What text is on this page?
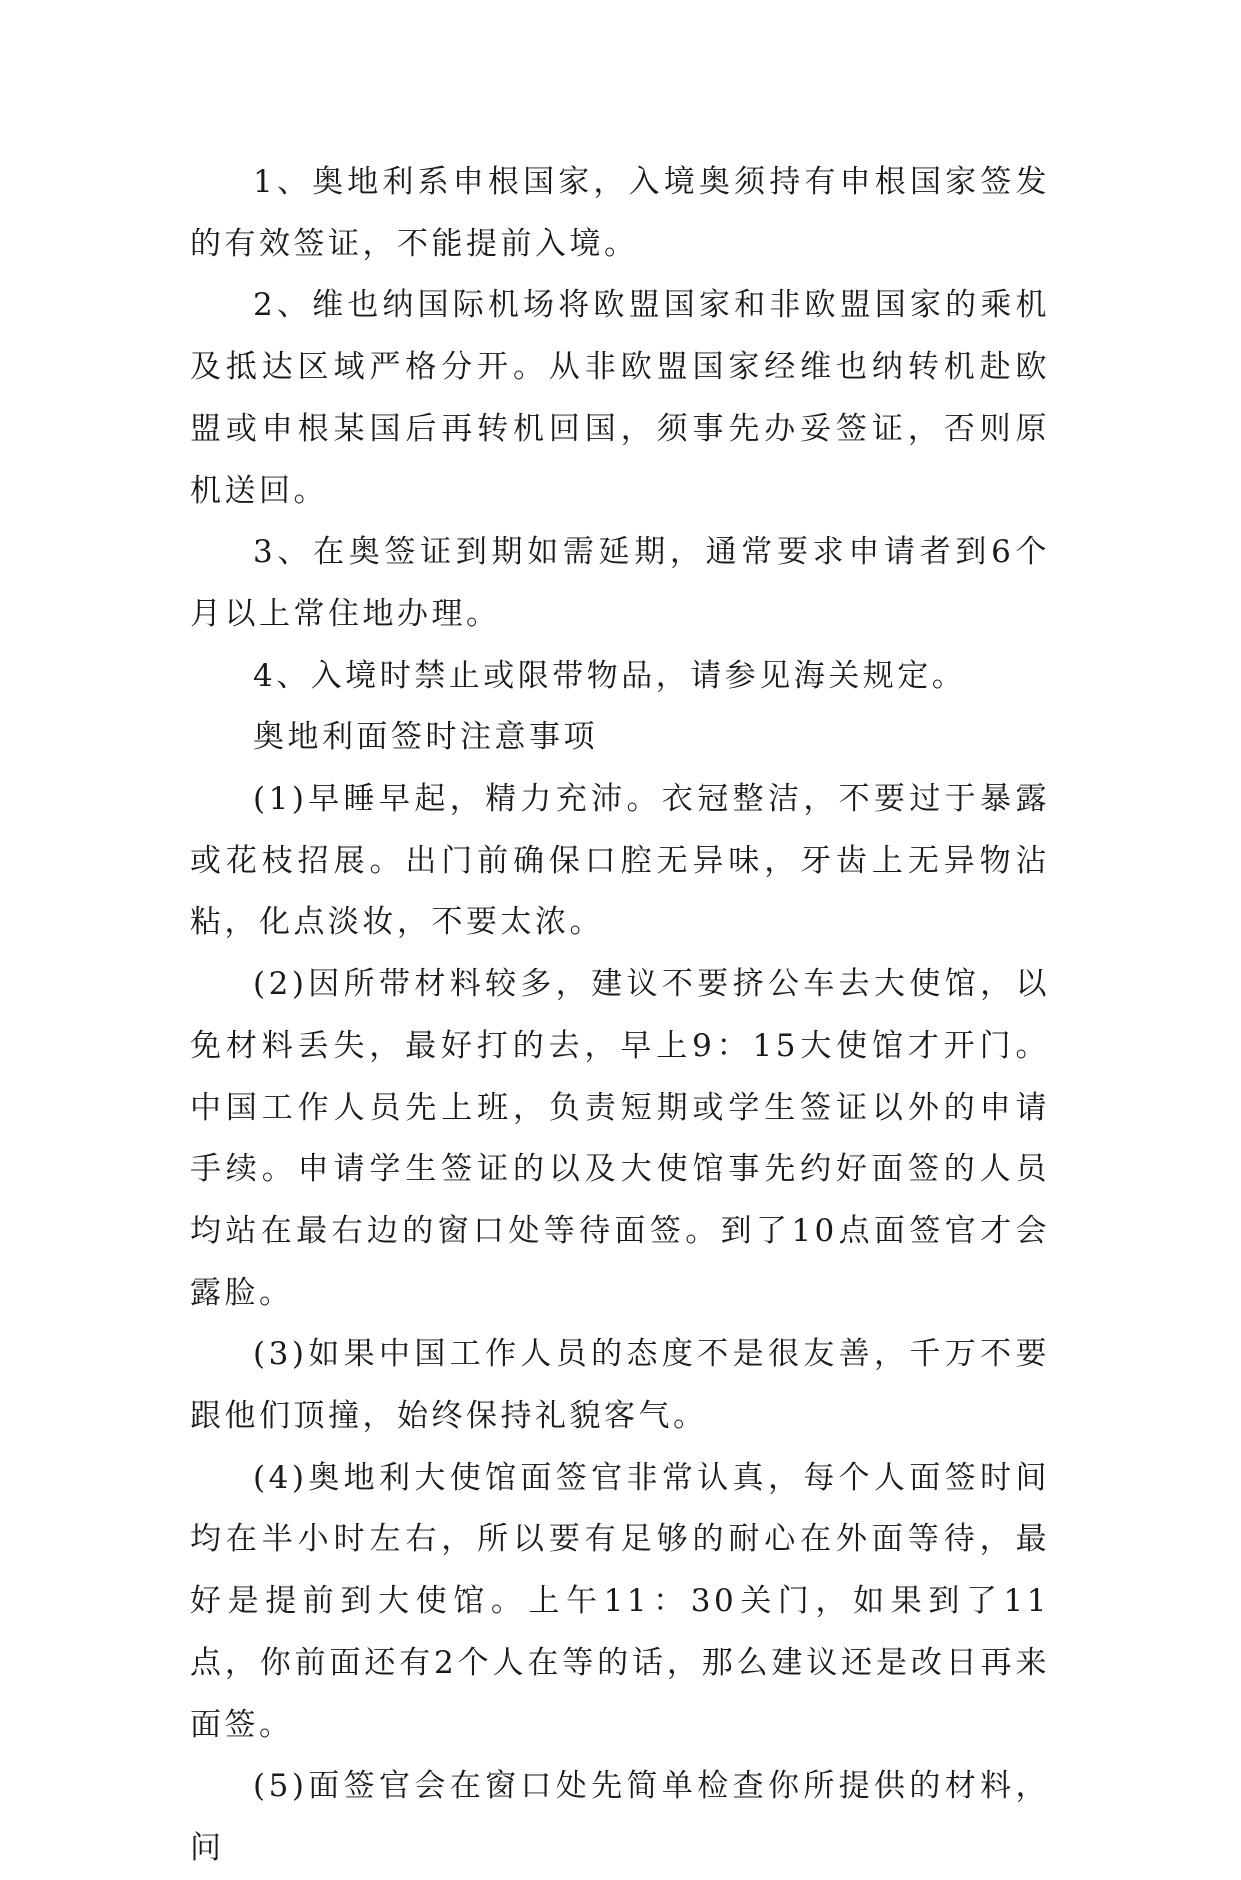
1、奥地利系申根国家，入境奥须持有申根国家签发的有效签证，不能提前入境。

2、维也纳国际机场将欧盟国家和非欧盟国家的乘机及抵达区域严格分开。从非欧盟国家经维也纳转机赴欧盟或申根某国后再转机回国，须事先办妥签证，否则原机送回。

3、在奥签证到期如需延期，通常要求申请者到6个月以上常住地办理。

4、入境时禁止或限带物品，请参见海关规定。

奥地利面签时注意事项

(1)早睡早起，精力充沛。衣冠整洁，不要过于暴露或花枝招展。出门前确保口腔无异味，牙齿上无异物沾粘，化点淡妆，不要太浓。

(2)因所带材料较多，建议不要挤公车去大使馆，以免材料丢失，最好打的去，早上9：15大使馆才开门。中国工作人员先上班，负责短期或学生签证以外的申请手续。申请学生签证的以及大使馆事先约好面签的人员均站在最右边的窗口处等待面签。到了10点面签官才会露脸。

(3)如果中国工作人员的态度不是很友善，千万不要跟他们顶撞，始终保持礼貌客气。

(4)奥地利大使馆面签官非常认真，每个人面签时间均在半小时左右，所以要有足够的耐心在外面等待，最好是提前到大使馆。上午11：30关门，如果到了11点，你前面还有2个人在等的话，那么建议还是改日再来面签。

(5)面签官会在窗口处先简单检查你所提供的材料，问
